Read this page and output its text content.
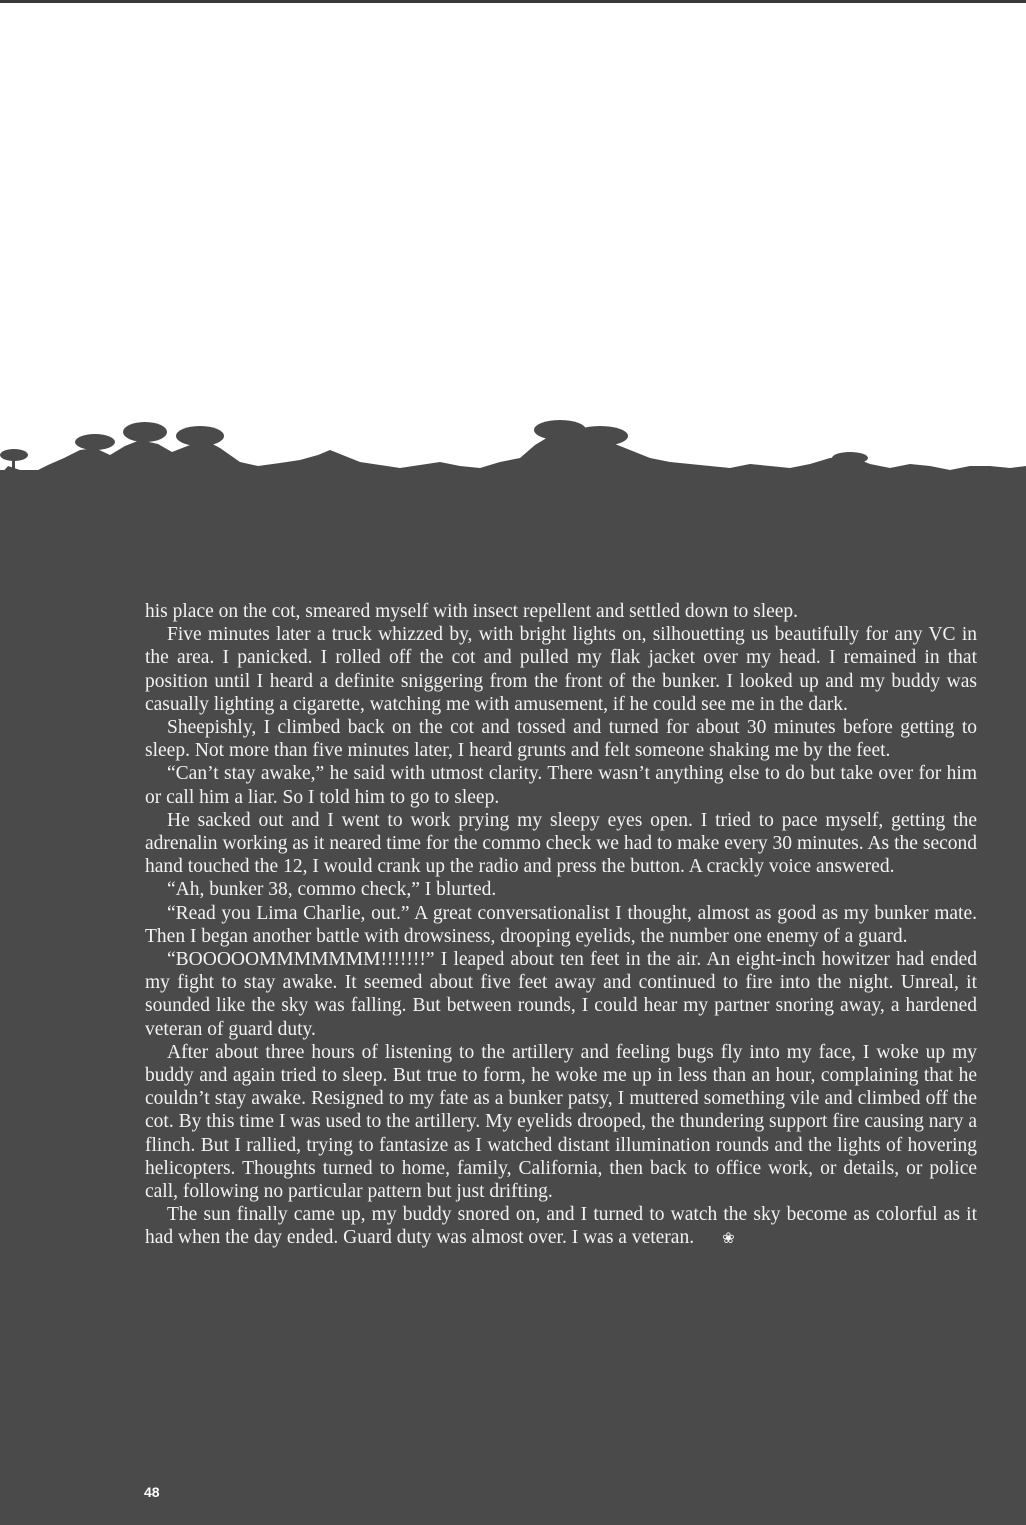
his place on the cot, smeared myself with insect repellent and settled down to sleep.

Five minutes later a truck whizzed by, with bright lights on, silhouetting us beautifully for any VC in the area. I panicked. I rolled off the cot and pulled my flak jacket over my head. I remained in that position until I heard a definite sniggering from the front of the bunker. I looked up and my buddy was casually lighting a cigarette, watching me with amusement, if he could see me in the dark.

Sheepishly, I climbed back on the cot and tossed and turned for about 30 minutes before getting to sleep. Not more than five minutes later, I heard grunts and felt someone shaking me by the feet.

“Can’t stay awake,” he said with utmost clarity. There wasn’t anything else to do but take over for him or call him a liar. So I told him to go to sleep.

He sacked out and I went to work prying my sleepy eyes open. I tried to pace myself, getting the adrenalin working as it neared time for the commo check we had to make every 30 minutes. As the second hand touched the 12, I would crank up the radio and press the button. A crackly voice answered.

“Ah, bunker 38, commo check,” I blurted.

“Read you Lima Charlie, out.” A great conversationalist I thought, almost as good as my bunker mate. Then I began another battle with drowsiness, drooping eyelids, the number one enemy of a guard.

“BOOOOOMMMMMMM!!!!!!!” I leaped about ten feet in the air. An eight-inch howitzer had ended my fight to stay awake. It seemed about five feet away and continued to fire into the night. Unreal, it sounded like the sky was falling. But between rounds, I could hear my partner snoring away, a hardened veteran of guard duty.

After about three hours of listening to the artillery and feeling bugs fly into my face, I woke up my buddy and again tried to sleep. But true to form, he woke me up in less than an hour, complaining that he couldn’t stay awake. Resigned to my fate as a bunker patsy, I muttered something vile and climbed off the cot. By this time I was used to the artillery. My eyelids drooped, the thundering support fire causing nary a flinch. But I rallied, trying to fantasize as I watched distant illumination rounds and the lights of hovering helicopters. Thoughts turned to home, family, California, then back to office work, or details, or police call, following no particular pattern but just drifting.

The sun finally came up, my buddy snored on, and I turned to watch the sky become as colorful as it had when the day ended. Guard duty was almost over. I was a veteran. ❀

48
